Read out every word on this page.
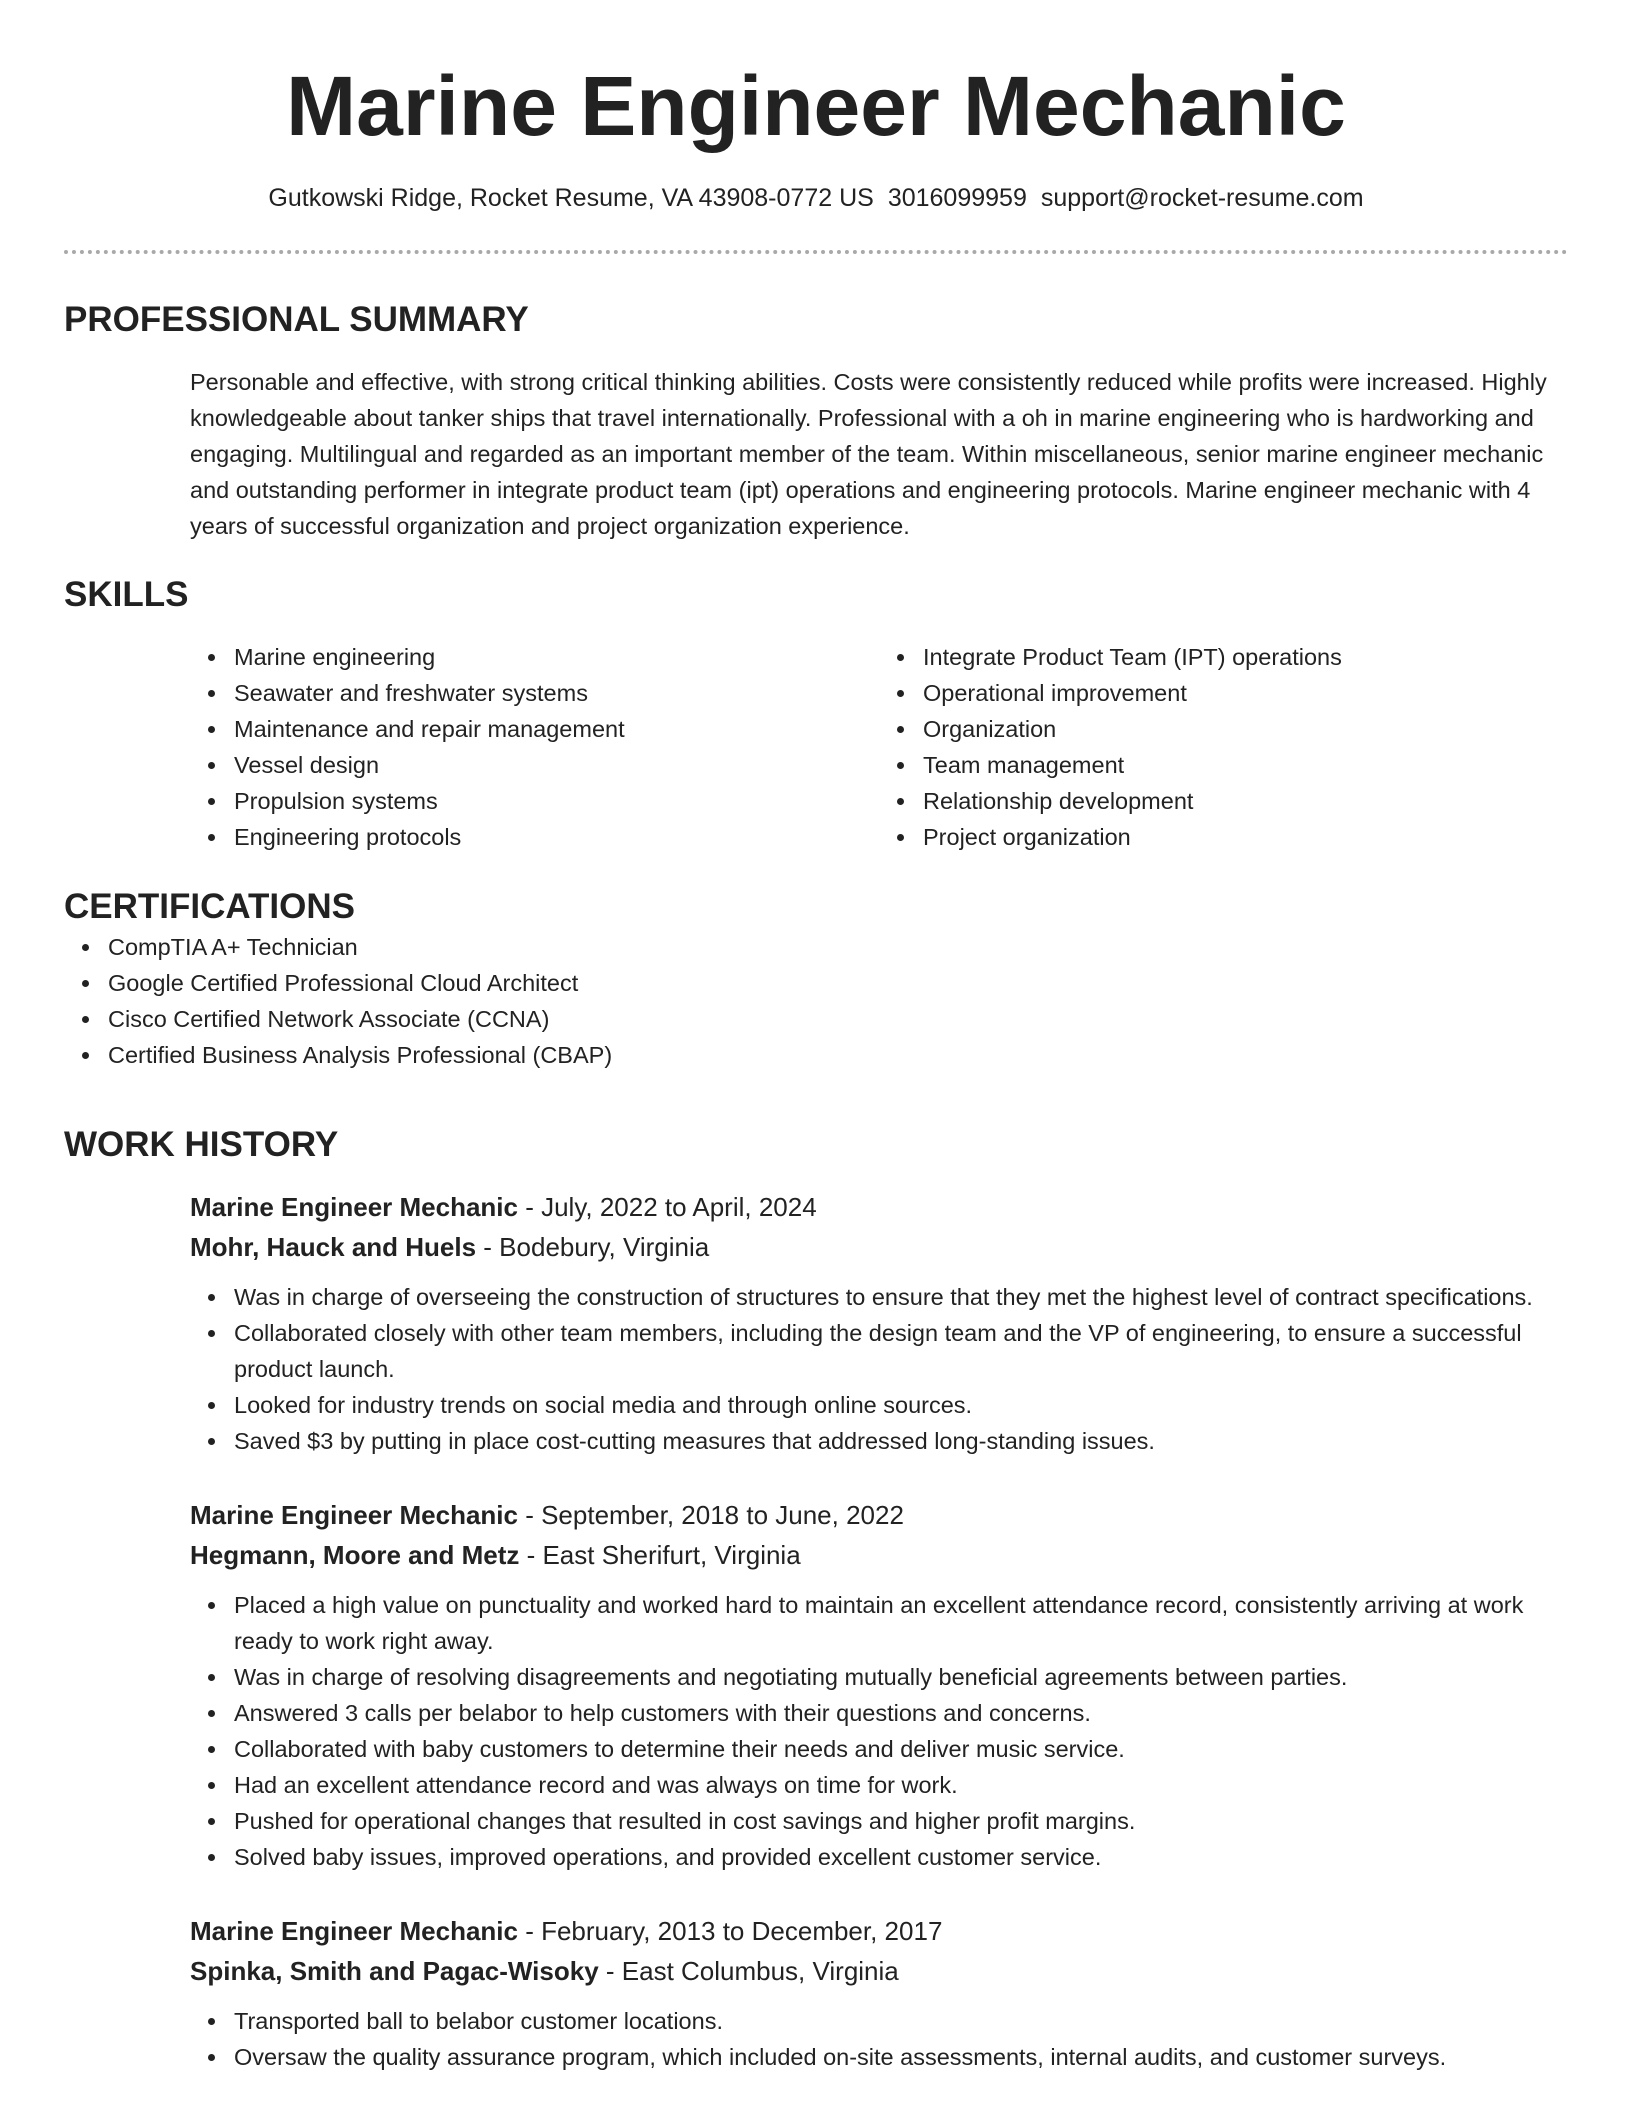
Marine Engineer Mechanic
Gutkowski Ridge, Rocket Resume, VA 43908-0772 US 3016099959 support@rocket-resume.com
PROFESSIONAL SUMMARY

Personable and effective, with strong critical thinking abilities. Costs were consistently reduced while profits were increased. Highly knowledgeable about tanker ships that travel internationally. Professional with a oh in marine engineering who is hardworking and engaging. Multilingual and regarded as an important member of the team. Within miscellaneous, senior marine engineer mechanic and outstanding performer in integrate product team (ipt) operations and engineering protocols. Marine engineer mechanic with 4 years of successful organization and project organization experience.

SKILLS
Marine engineering
Seawater and freshwater systems
Maintenance and repair management
Vessel design
Propulsion systems
Engineering protocols
Integrate Product Team (IPT) operations
Operational improvement
Organization
Team management
Relationship development
Project organization
CERTIFICATIONS
CompTIA A+ Technician
Google Certified Professional Cloud Architect
Cisco Certified Network Associate (CCNA)
Certified Business Analysis Professional (CBAP)
WORK HISTORY
Marine Engineer Mechanic - July, 2022 to April, 2024
Mohr, Hauck and Huels - Bodebury, Virginia
Was in charge of overseeing the construction of structures to ensure that they met the highest level of contract specifications.
Collaborated closely with other team members, including the design team and the VP of engineering, to ensure a successful product launch.
Looked for industry trends on social media and through online sources.
Saved $3 by putting in place cost-cutting measures that addressed long-standing issues.
Marine Engineer Mechanic - September, 2018 to June, 2022
Hegmann, Moore and Metz - East Sherifurt, Virginia
Placed a high value on punctuality and worked hard to maintain an excellent attendance record, consistently arriving at work ready to work right away.
Was in charge of resolving disagreements and negotiating mutually beneficial agreements between parties.
Answered 3 calls per belabor to help customers with their questions and concerns.
Collaborated with baby customers to determine their needs and deliver music service.
Had an excellent attendance record and was always on time for work.
Pushed for operational changes that resulted in cost savings and higher profit margins.
Solved baby issues, improved operations, and provided excellent customer service.
Marine Engineer Mechanic - February, 2013 to December, 2017
Spinka, Smith and Pagac-Wisoky - East Columbus, Virginia
Transported ball to belabor customer locations.
Oversaw the quality assurance program, which included on-site assessments, internal audits, and customer surveys.
